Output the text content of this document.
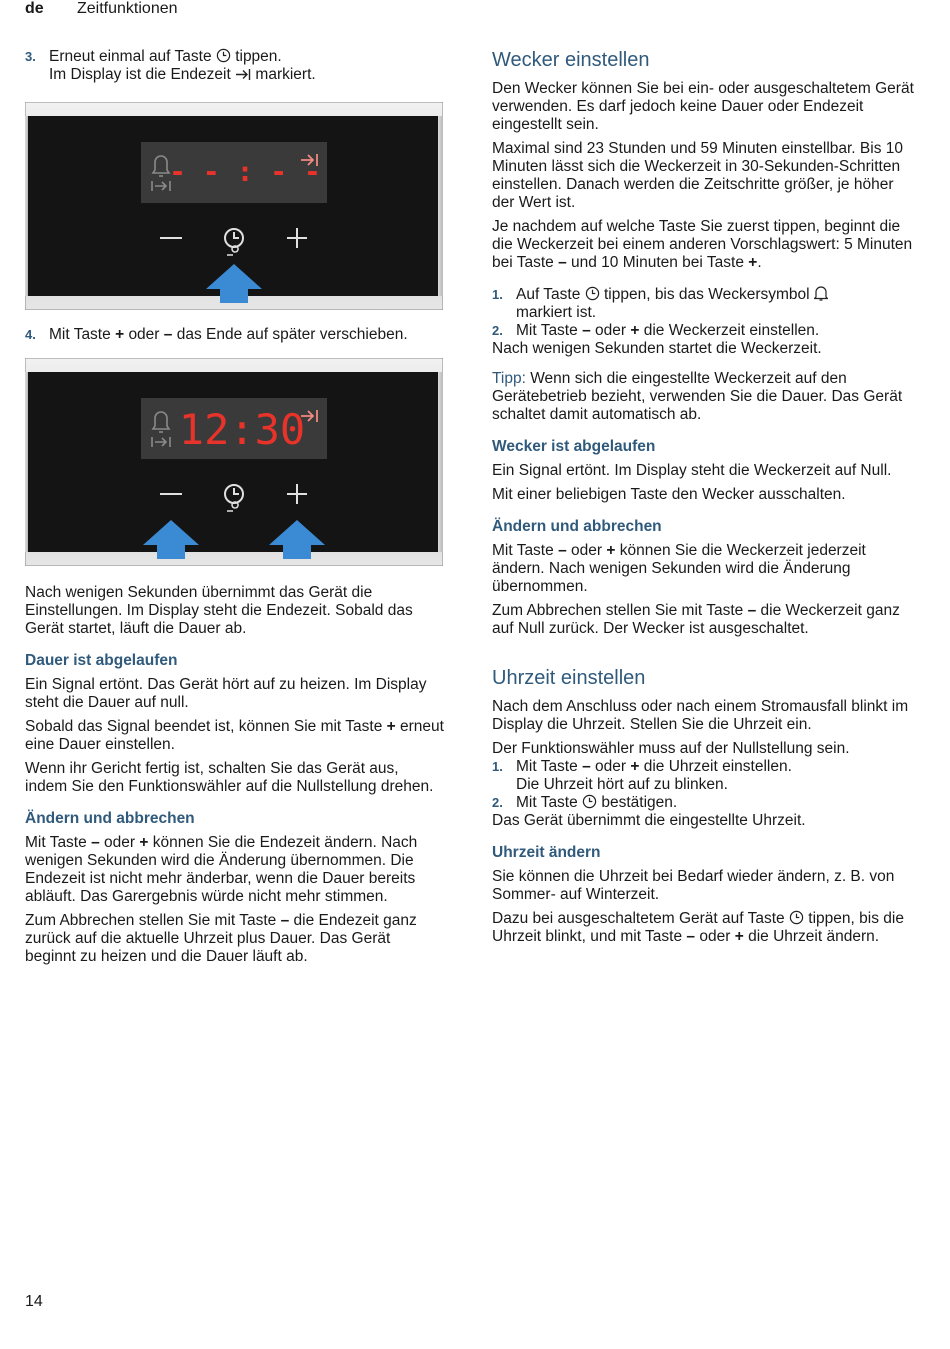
de Zeitfunktionen
3. Erneut einmal auf Taste tippen.
Im Display ist die Endezeit markiert.
- - : - -
4. Mit Taste + oder – das Ende auf später verschieben.
12:30

Nach wenigen Sekunden übernimmt das Gerät die Einstellungen. Im Display steht die Endezeit. Sobald das Gerät startet, läuft die Dauer ab.

Dauer ist abgelaufen

Ein Signal ertönt. Das Gerät hört auf zu heizen. Im Display steht die Dauer auf null.

Sobald das Signal beendet ist, können Sie mit Taste + erneut eine Dauer einstellen.

Wenn ihr Gericht fertig ist, schalten Sie das Gerät aus, indem Sie den Funktionswähler auf die Nullstellung drehen.

Ändern und abbrechen

Mit Taste – oder + können Sie die Endezeit ändern. Nach wenigen Sekunden wird die Änderung übernommen. Die Endezeit ist nicht mehr änderbar, wenn die Dauer bereits abläuft. Das Garergebnis würde nicht mehr stimmen.

Zum Abbrechen stellen Sie mit Taste – die Endezeit ganz zurück auf die aktuelle Uhrzeit plus Dauer. Das Gerät beginnt zu heizen und die Dauer läuft ab.

Wecker einstellen

Den Wecker können Sie bei ein- oder ausgeschaltetem Gerät verwenden. Es darf jedoch keine Dauer oder Endezeit eingestellt sein.

Maximal sind 23 Stunden und 59 Minuten einstellbar. Bis 10 Minuten lässt sich die Weckerzeit in 30-Sekunden-Schritten einstellen. Danach werden die Zeitschritte größer, je höher der Wert ist.

Je nachdem auf welche Taste Sie zuerst tippen, beginnt die die Weckerzeit bei einem anderen Vorschlagswert: 5 Minuten bei Taste – und 10 Minuten bei Taste +.

1. Auf Taste tippen, bis das Weckersymbol
markiert ist.
2. Mit Taste – oder + die Weckerzeit einstellen.

Nach wenigen Sekunden startet die Weckerzeit.

Tipp: Wenn sich die eingestellte Weckerzeit auf den Gerätebetrieb bezieht, verwenden Sie die Dauer. Das Gerät schaltet damit automatisch ab.

Wecker ist abgelaufen

Ein Signal ertönt. Im Display steht die Weckerzeit auf Null.

Mit einer beliebigen Taste den Wecker ausschalten.

Ändern und abbrechen

Mit Taste – oder + können Sie die Weckerzeit jederzeit ändern. Nach wenigen Sekunden wird die Änderung übernommen.

Zum Abbrechen stellen Sie mit Taste – die Weckerzeit ganz auf Null zurück. Der Wecker ist ausgeschaltet.

Uhrzeit einstellen

Nach dem Anschluss oder nach einem Stromausfall blinkt im Display die Uhrzeit. Stellen Sie die Uhrzeit ein.

Der Funktionswähler muss auf der Nullstellung sein.

1. Mit Taste – oder + die Uhrzeit einstellen.
Die Uhrzeit hört auf zu blinken.
2. Mit Taste bestätigen.

Das Gerät übernimmt die eingestellte Uhrzeit.

Uhrzeit ändern

Sie können die Uhrzeit bei Bedarf wieder ändern, z. B. von Sommer- auf Winterzeit.

Dazu bei ausgeschaltetem Gerät auf Taste tippen, bis die Uhrzeit blinkt, und mit Taste – oder + die Uhrzeit ändern.

14
